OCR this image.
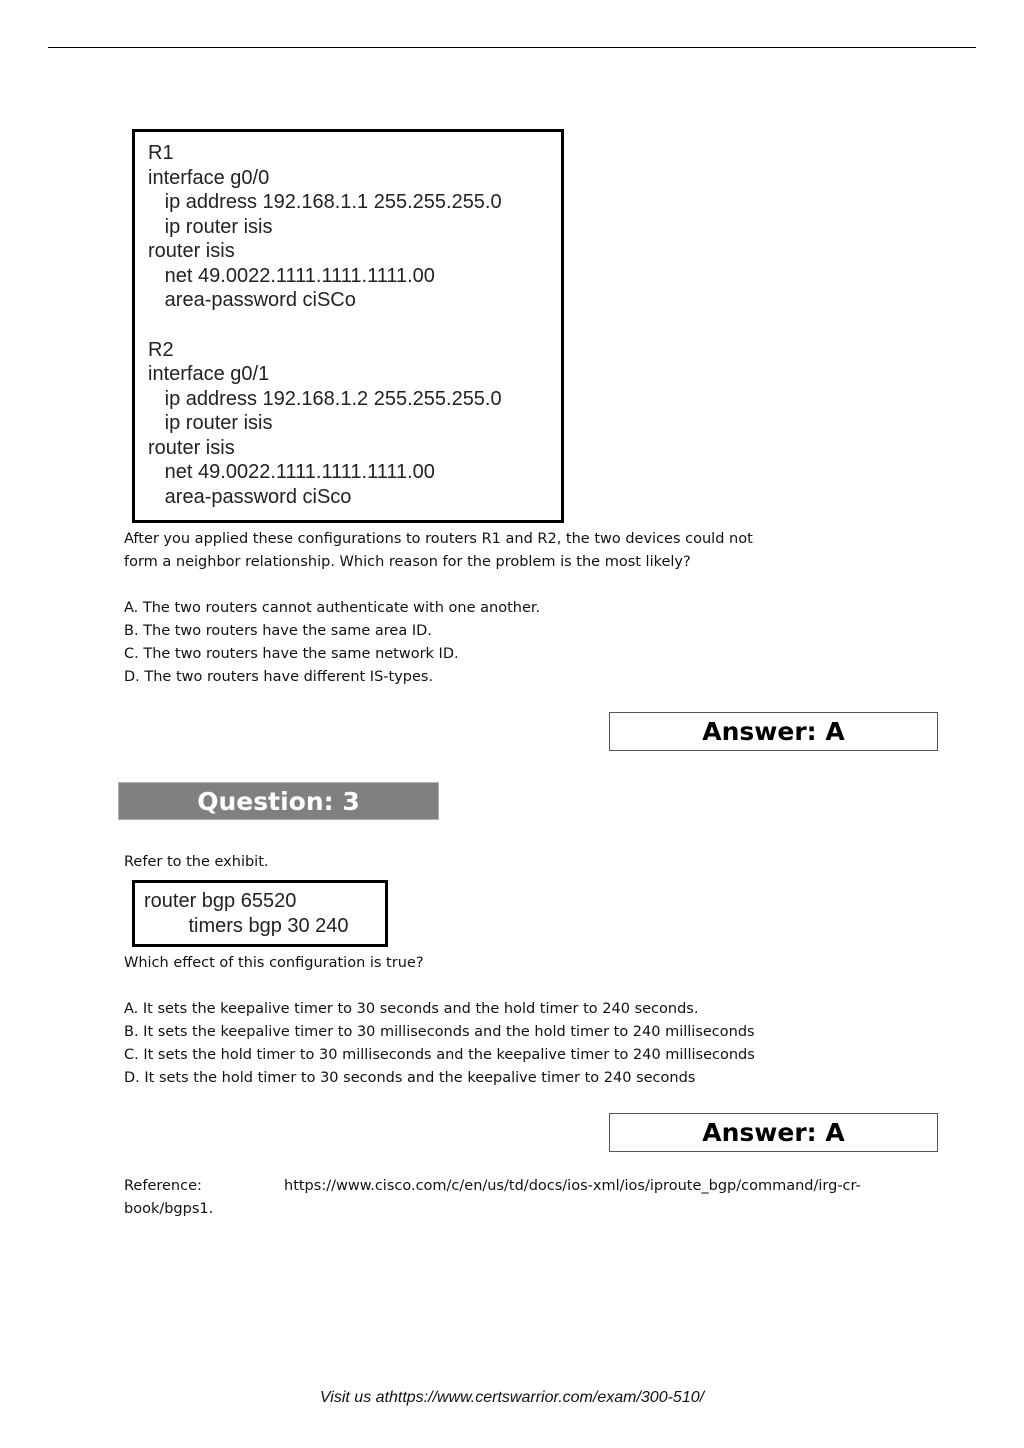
R1
interface g0/0
ip address 192.168.1.1 255.255.255.0
ip router isis
router isis
net 49.0022.1111.1111.1111.00
area-password ciSCo
R2
interface g0/1
ip address 192.168.1.2 255.255.255.0
ip router isis
router isis
net 49.0022.1111.1111.1111.00
area-password ciSco
After you applied these configurations to routers R1 and R2, the two devices could not
form a neighbor relationship. Which reason for the problem is the most likely?
A. The two routers cannot authenticate with one another.
B. The two routers have the same area ID.
C. The two routers have the same network ID.
D. The two routers have different IS-types.
Answer: A
Question: 3
Refer to the exhibit.
router bgp 65520
timers bgp 30 240
Which effect of this configuration is true?
A. It sets the keepalive timer to 30 seconds and the hold timer to 240 seconds.
B. It sets the keepalive timer to 30 milliseconds and the hold timer to 240 milliseconds
C. It sets the hold timer to 30 milliseconds and the keepalive timer to 240 milliseconds
D. It sets the hold timer to 30 seconds and the keepalive timer to 240 seconds
Answer: A
Reference:	https://www.cisco.com/c/en/us/td/docs/ios-xml/ios/iproute_bgp/command/irg-cr-
book/bgps1.
Visit us athttps://www.certswarrior.com/exam/300-510/
